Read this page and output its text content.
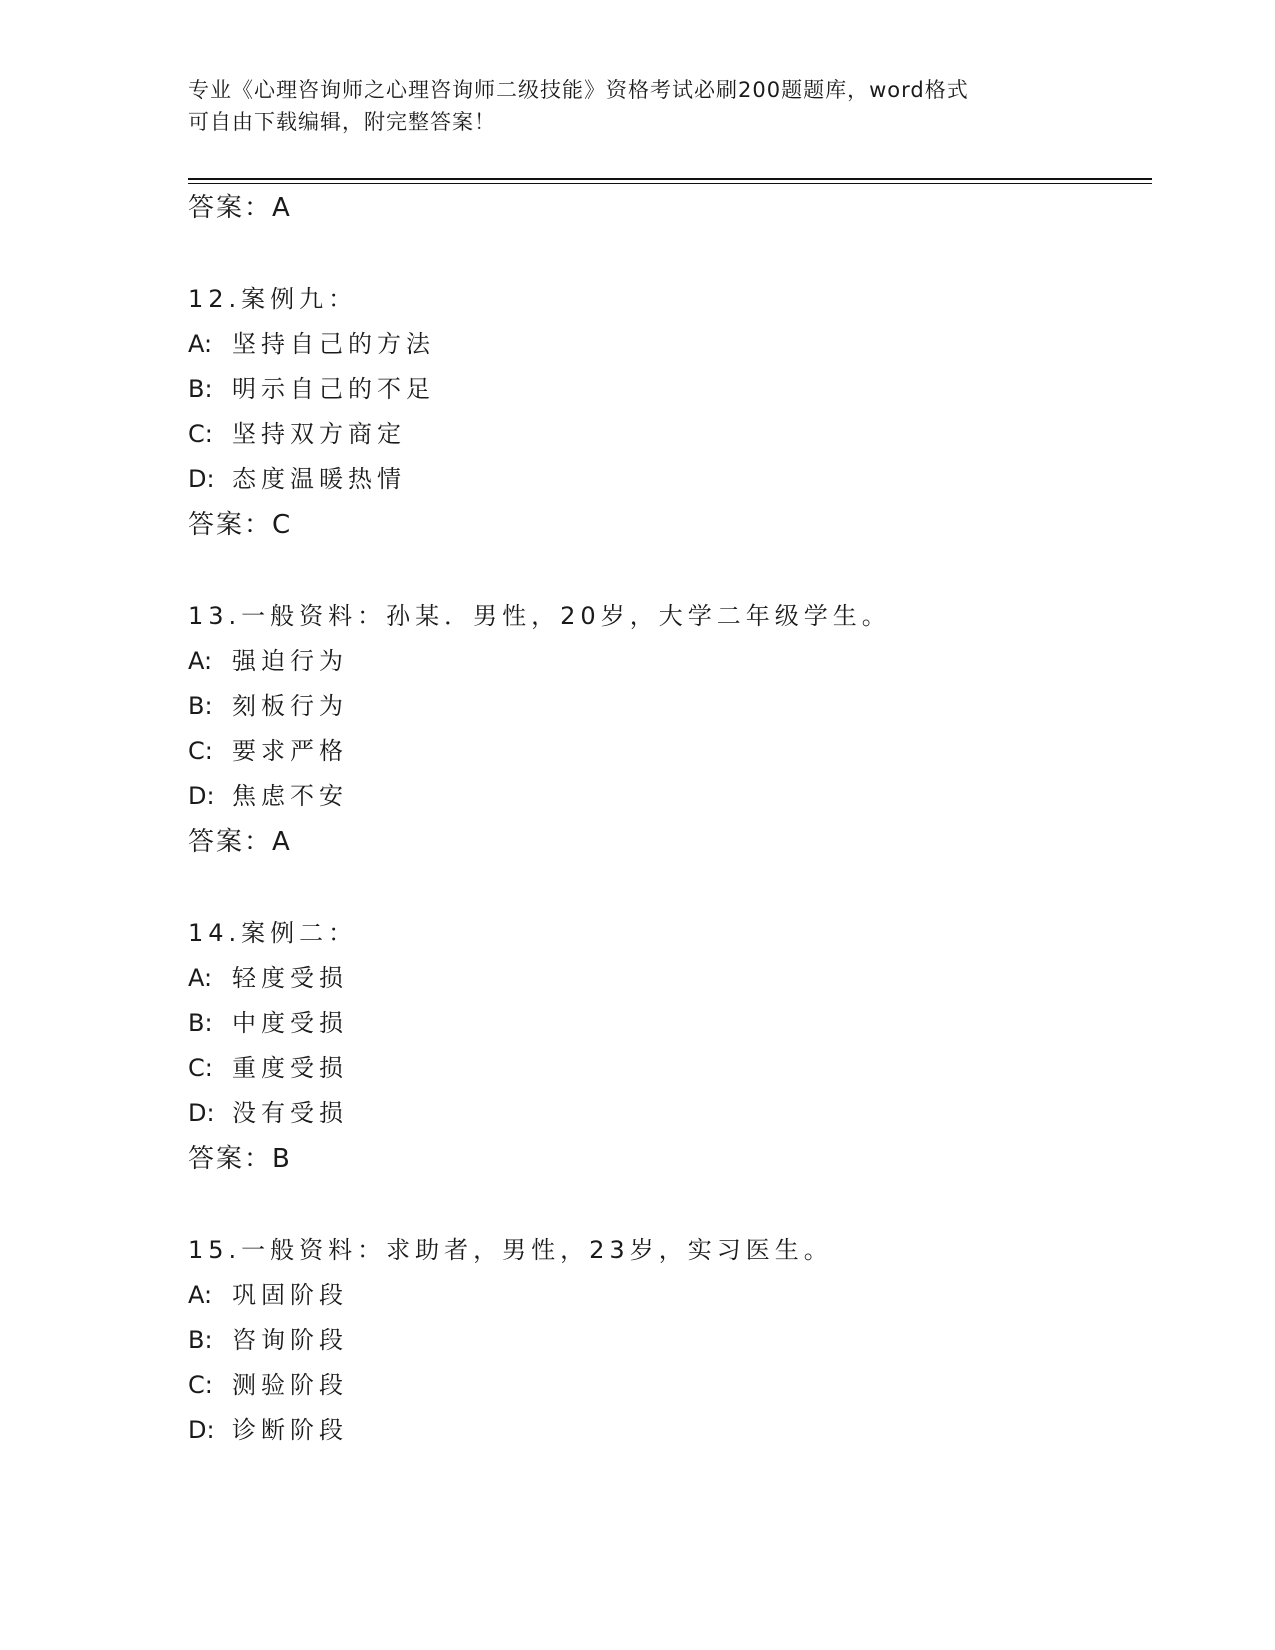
专业《心理咨询师之心理咨询师二级技能》资格考试必刷200题题库，word格式
可自由下载编辑，附完整答案！
答案：A
12.案例九：
A: 坚持自己的方法
B: 明示自己的不足
C: 坚持双方商定
D: 态度温暖热情
答案：C
13.一般资料：孙某．男性，20岁，大学二年级学生。
A: 强迫行为
B: 刻板行为
C: 要求严格
D: 焦虑不安
答案：A
14.案例二：
A: 轻度受损
B: 中度受损
C: 重度受损
D: 没有受损
答案：B
15.一般资料：求助者，男性，23岁，实习医生。
A: 巩固阶段
B: 咨询阶段
C: 测验阶段
D: 诊断阶段
